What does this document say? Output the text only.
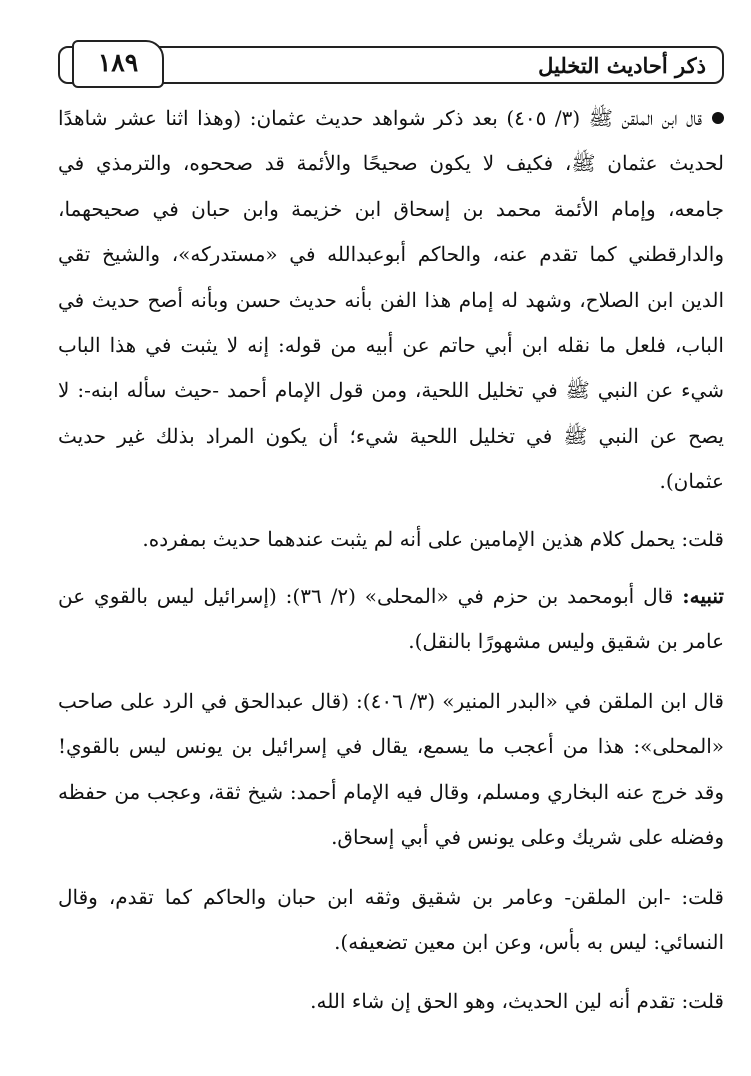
ذكر أحاديث التخليل
١٨٩

قال ابن الملقن ﷺ (٣/ ٤٠٥) بعد ذكر شواهد حديث عثمان: (وهذا اثنا عشر شاهدًا لحديث عثمان ﷺ، فكيف لا يكون صحيحًا والأئمة قد صححوه، والترمذي في جامعه، وإمام الأئمة محمد بن إسحاق ابن خزيمة وابن حبان في صحيحهما، والدارقطني كما تقدم عنه، والحاكم أبوعبدالله في «مستدركه»، والشيخ تقي الدين ابن الصلاح، وشهد له إمام هذا الفن بأنه حديث حسن وبأنه أصح حديث في الباب، فلعل ما نقله ابن أبي حاتم عن أبيه من قوله: إنه لا يثبت في هذا الباب شيء عن النبي ﷺ في تخليل اللحية، ومن قول الإمام أحمد -حيث سأله ابنه-: لا يصح عن النبي ﷺ في تخليل اللحية شيء؛ أن يكون المراد بذلك غير حديث عثمان).

قلت: يحمل كلام هذين الإمامين على أنه لم يثبت عندهما حديث بمفرده.

تنبيه: قال أبومحمد بن حزم في «المحلى» (٢/ ٣٦): (إسرائيل ليس بالقوي عن عامر بن شقيق وليس مشهورًا بالنقل).

قال ابن الملقن في «البدر المنير» (٣/ ٤٠٦): (قال عبدالحق في الرد على صاحب «المحلى»: هذا من أعجب ما يسمع، يقال في إسرائيل بن يونس ليس بالقوي! وقد خرج عنه البخاري ومسلم، وقال فيه الإمام أحمد: شيخ ثقة، وعجب من حفظه وفضله على شريك وعلى يونس في أبي إسحاق.

قلت: -ابن الملقن- وعامر بن شقيق وثقه ابن حبان والحاكم كما تقدم، وقال النسائي: ليس به بأس، وعن ابن معين تضعيفه).

قلت: تقدم أنه لين الحديث، وهو الحق إن شاء الله.
